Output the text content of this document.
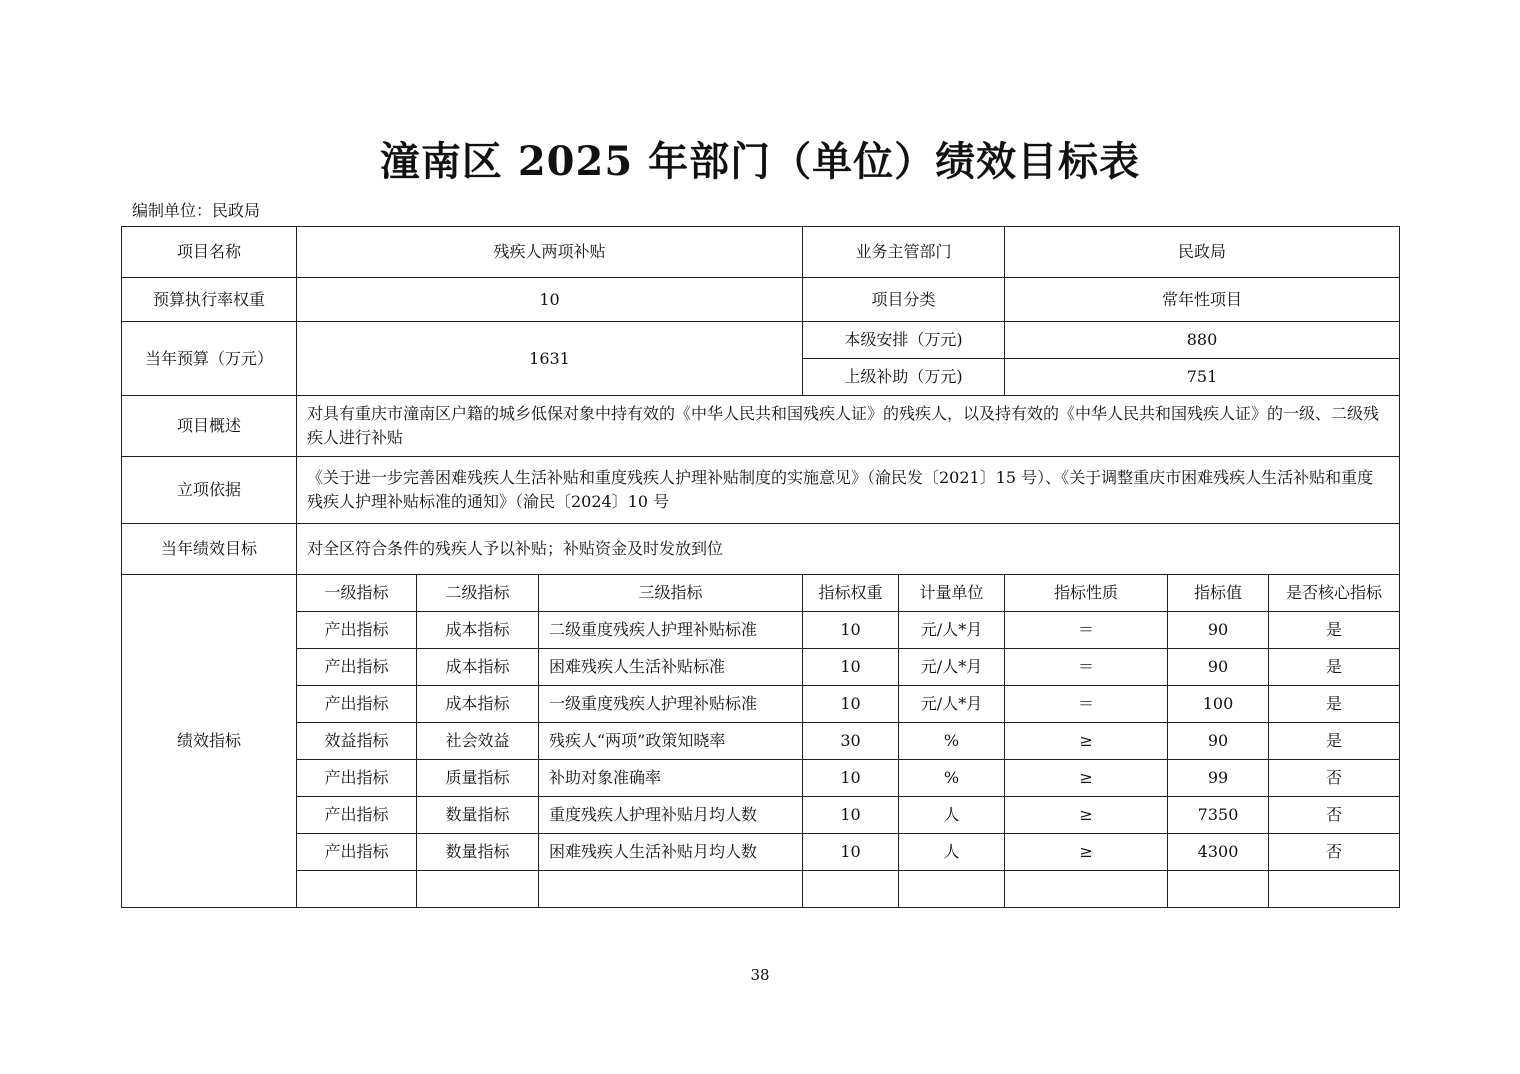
潼南区 2025 年部门（单位）绩效目标表
编制单位：民政局
项目名称	残疾人两项补贴			业务主管部门		民政局		
预算执行率权重	10			项目分类		常年性项目		
当年预算（万元）	1631			本级安排（万元)		880		
				上级补助（万元)		751		
项目概述	对具有重庆市潼南区户籍的城乡低保对象中持有效的《中华人民共和国残疾人证》的残疾人，以及持有效的《中华人民共和国残疾人证》的一级、二级残疾人进行补贴							
立项依据	《关于进一步完善困难残疾人生活补贴和重度残疾人护理补贴制度的实施意见》（渝民发〔2021〕15 号）、《关于调整重庆市困难残疾人生活补贴和重度残疾人护理补贴标准的通知》（渝民〔2024〕10 号							
当年绩效目标	对全区符合条件的残疾人予以补贴；补贴资金及时发放到位							
绩效指标	一级指标	二级指标	三级指标	指标权重	计量单位	指标性质	指标值	是否核心指标
	产出指标	成本指标	二级重度残疾人护理补贴标准	10	元/人*月	＝	90	是
	产出指标	成本指标	困难残疾人生活补贴标准	10	元/人*月	＝	90	是
	产出指标	成本指标	一级重度残疾人护理补贴标准	10	元/人*月	＝	100	是
	效益指标	社会效益	残疾人“两项”政策知晓率	30	%	≥	90	是
	产出指标	质量指标	补助对象准确率	10	%	≥	99	否
	产出指标	数量指标	重度残疾人护理补贴月均人数	10	人	≥	7350	否
	产出指标	数量指标	困难残疾人生活补贴月均人数	10	人	≥	4300	否

38
